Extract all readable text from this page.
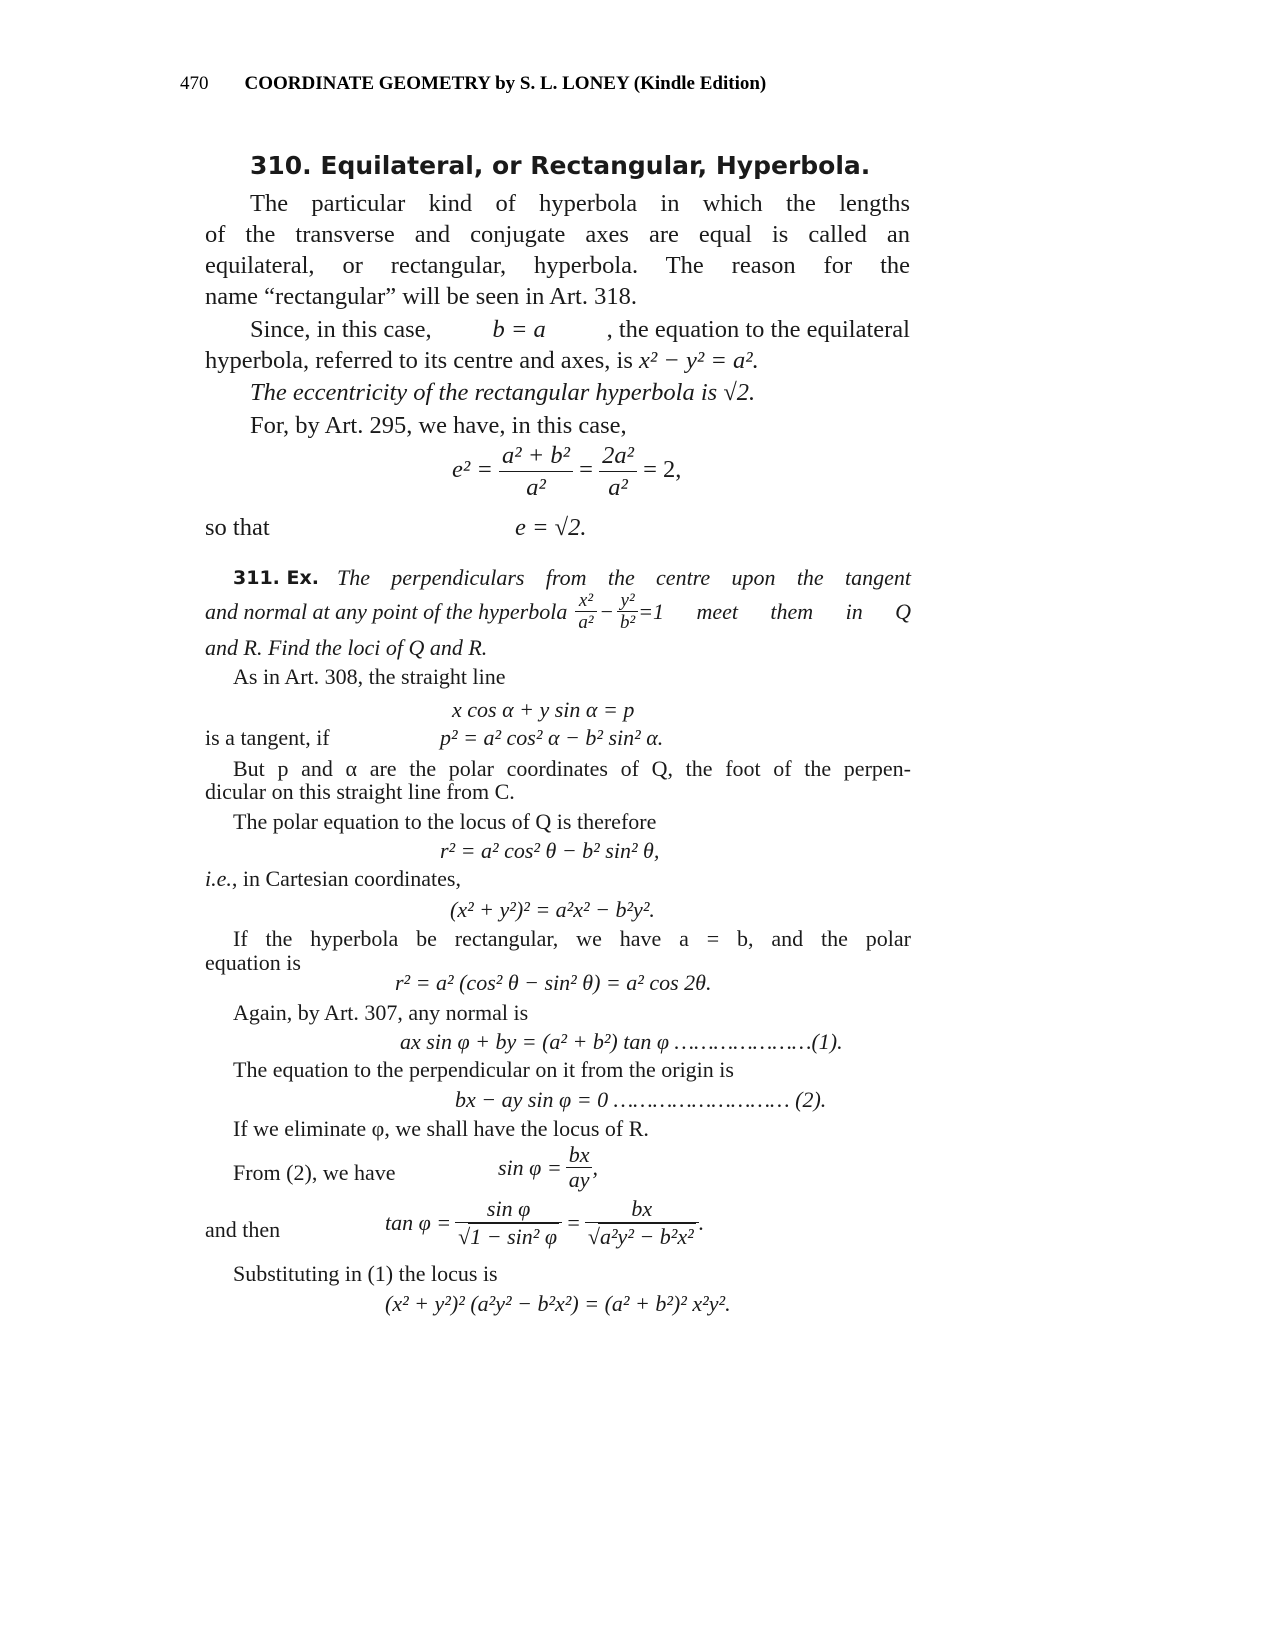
470 COORDINATE GEOMETRY by S. L. LONEY (Kindle Edition)
310. Equilateral, or Rectangular, Hyperbola.
The particular kind of hyperbola in which the lengths
of the transverse and conjugate axes are equal is called an
equilateral, or rectangular, hyperbola. The reason for the
name “rectangular” will be seen in Art. 318.
Since, in this case, b = a , the equation to the equilateral
hyperbola, referred to its centre and axes, is x² − y² = a².
The eccentricity of the rectangular hyperbola is √2.
For, by Art. 295, we have, in this case,
$e^2 = \frac{\text{a² + b²}}{\text{a²}} = \frac{\text{2a²}}{\text{a²}} = 2$,
so that	e = √2.
311. Ex. The perpendiculars from the centre upon the tangent
and normal at any point of the hyperbola $\frac{\text{x²}}{\text{a²}} - \frac{\text{y²}}{\text{b²}} =1$ meet them in Q
and R. Find the loci of Q and R.
As in Art. 308, the straight line
x cos α + y sin α = p
is a tangent, if	p² = a² cos² α − b² sin² α.
But p and α are the polar coordinates of Q, the foot of the perpen-
dicular on this straight line from C.
The polar equation to the locus of Q is therefore
r² = a² cos² θ − b² sin² θ,
i.e., in Cartesian coordinates,
(x² + y²)² = a²x² − b²y².
If the hyperbola be rectangular, we have a = b, and the polar
equation is
r² = a² (cos² θ − sin² θ) = a² cos 2θ.
Again, by Art. 307, any normal is
ax sin φ + by = (a² + b²) tan φ …………………(1).
The equation to the perpendicular on it from the origin is
bx − ay sin φ = 0 ……………………… (2).
If we eliminate φ, we shall have the locus of R.
From (2), we have	$\sin \varphi = \frac{bx}{ay}$ ,
and then	$\tan \varphi = \frac{\text{sin φ}}{\text{√1 − sin² φ}} = \frac{bx}{\text{√a²y² − b²x²}}$ .
Substituting in (1) the locus is
(x² + y²)² (a²y² − b²x²) = (a² + b²)² x²y².
